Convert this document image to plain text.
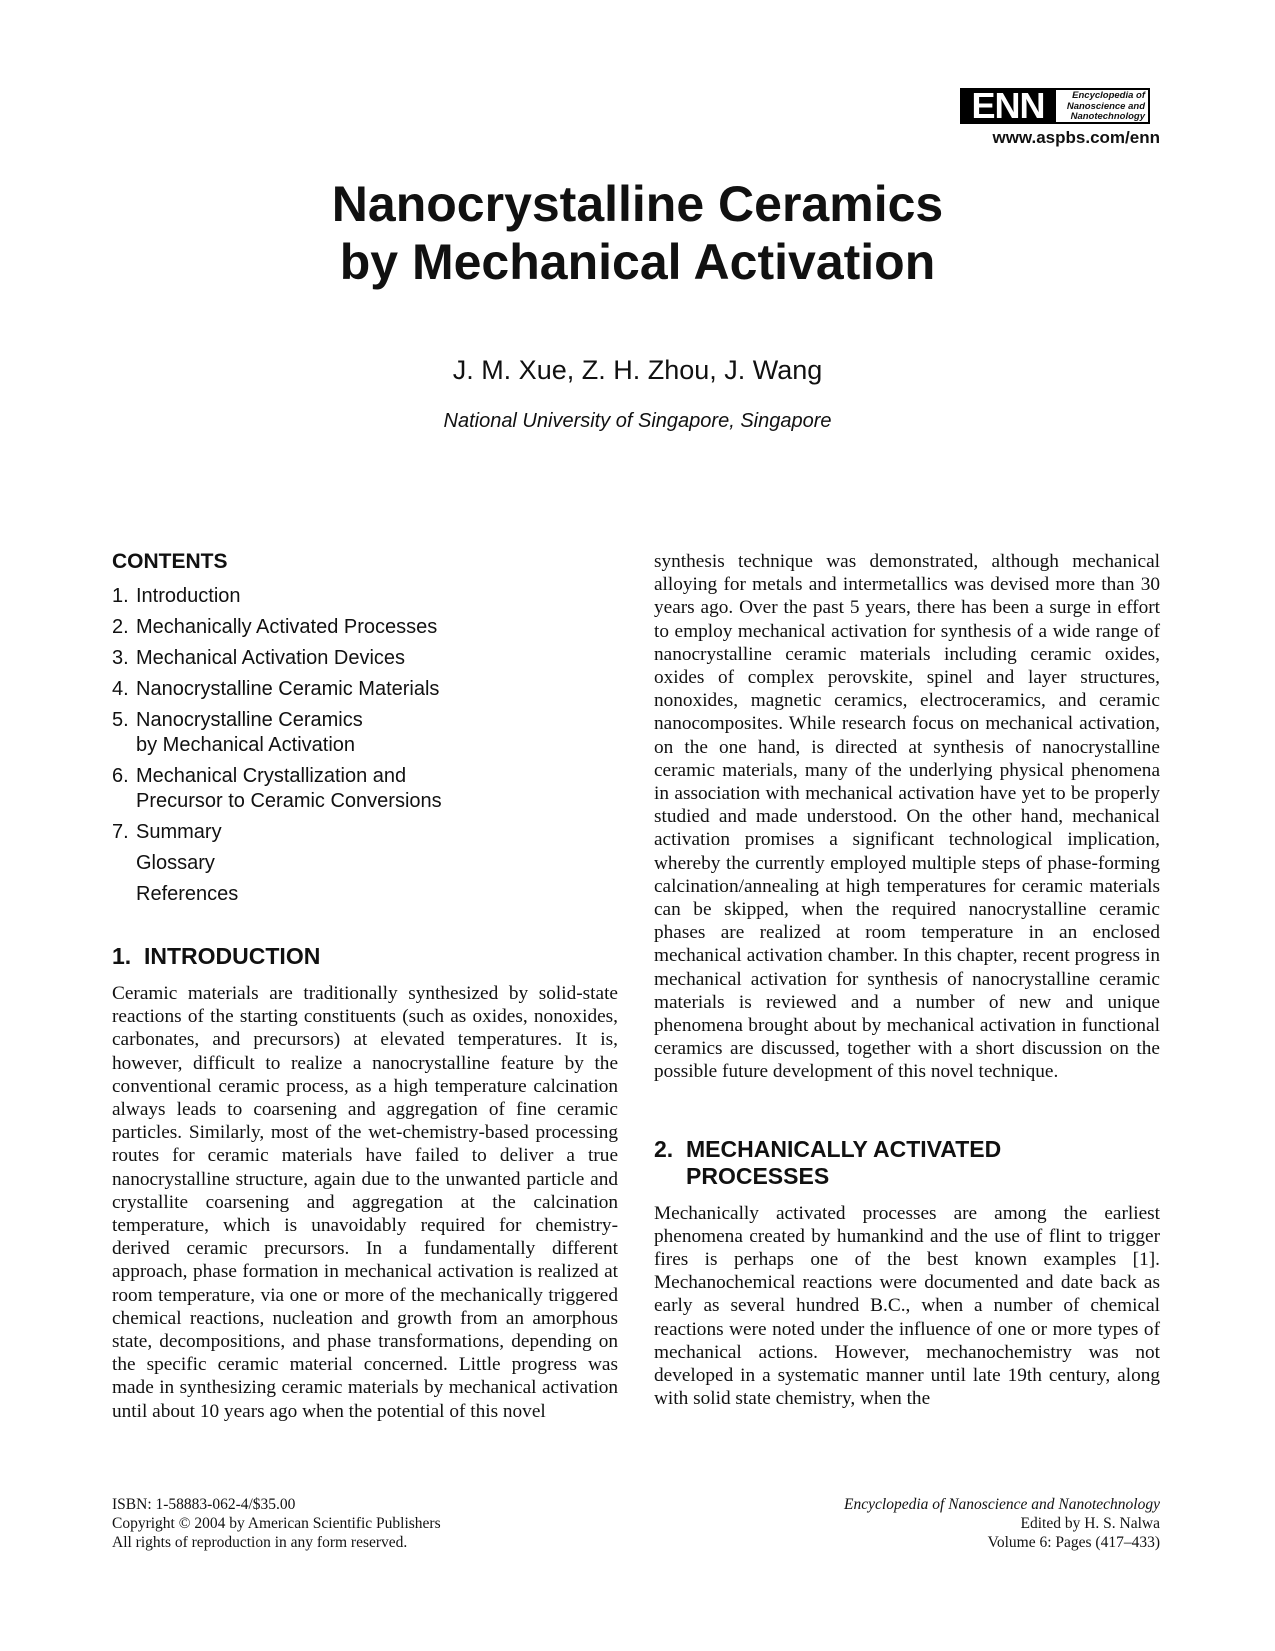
ENN	Encyclopedia of
Nanoscience and
Nanotechnology
www.aspbs.com/enn
Nanocrystalline Ceramics
by Mechanical Activation
J. M. Xue, Z. H. Zhou, J. Wang
National University of Singapore, Singapore
CONTENTS
1. Introduction
2. Mechanically Activated Processes
3. Mechanical Activation Devices
4. Nanocrystalline Ceramic Materials
5. Nanocrystalline Ceramics
by Mechanical Activation
6. Mechanical Crystallization and
Precursor to Ceramic Conversions
7. Summary
Glossary
References
1. INTRODUCTION

Ceramic materials are traditionally synthesized by solid-state reactions of the starting constituents (such as oxides, nonoxides, carbonates, and precursors) at elevated temperatures. It is, however, difficult to realize a nanocrystalline feature by the conventional ceramic process, as a high temperature calcination always leads to coarsening and aggregation of fine ceramic particles. Similarly, most of the wet-chemistry-based processing routes for ceramic materials have failed to deliver a true nanocrystalline structure, again due to the unwanted particle and crystallite coarsening and aggregation at the calcination temperature, which is unavoidably required for chemistry-derived ceramic precursors. In a fundamentally different approach, phase formation in mechanical activation is realized at room temperature, via one or more of the mechanically triggered chemical reactions, nucleation and growth from an amorphous state, decompositions, and phase transformations, depending on the specific ceramic material concerned. Little progress was made in synthesizing ceramic materials by mechanical activation until about 10 years ago when the potential of this novel

synthesis technique was demonstrated, although mechanical alloying for metals and intermetallics was devised more than 30 years ago. Over the past 5 years, there has been a surge in effort to employ mechanical activation for synthesis of a wide range of nanocrystalline ceramic materials including ceramic oxides, oxides of complex perovskite, spinel and layer structures, nonoxides, magnetic ceramics, electroceramics, and ceramic nanocomposites. While research focus on mechanical activation, on the one hand, is directed at synthesis of nanocrystalline ceramic materials, many of the underlying physical phenomena in association with mechanical activation have yet to be properly studied and made understood. On the other hand, mechanical activation promises a significant technological implication, whereby the currently employed multiple steps of phase-forming calcination/annealing at high temperatures for ceramic materials can be skipped, when the required nanocrystalline ceramic phases are realized at room temperature in an enclosed mechanical activation chamber. In this chapter, recent progress in mechanical activation for synthesis of nanocrystalline ceramic materials is reviewed and a number of new and unique phenomena brought about by mechanical activation in functional ceramics are discussed, together with a short discussion on the possible future development of this novel technique.

2. MECHANICALLY ACTIVATED
PROCESSES

Mechanically activated processes are among the earliest phenomena created by humankind and the use of flint to trigger fires is perhaps one of the best known examples [1]. Mechanochemical reactions were documented and date back as early as several hundred B.C., when a number of chemical reactions were noted under the influence of one or more types of mechanical actions. However, mechanochemistry was not developed in a systematic manner until late 19th century, along with solid state chemistry, when the

ISBN: 1-58883-062-4/$35.00
Copyright © 2004 by American Scientific Publishers
All rights of reproduction in any form reserved.
Encyclopedia of Nanoscience and Nanotechnology
Edited by H. S. Nalwa
Volume 6: Pages (417–433)
